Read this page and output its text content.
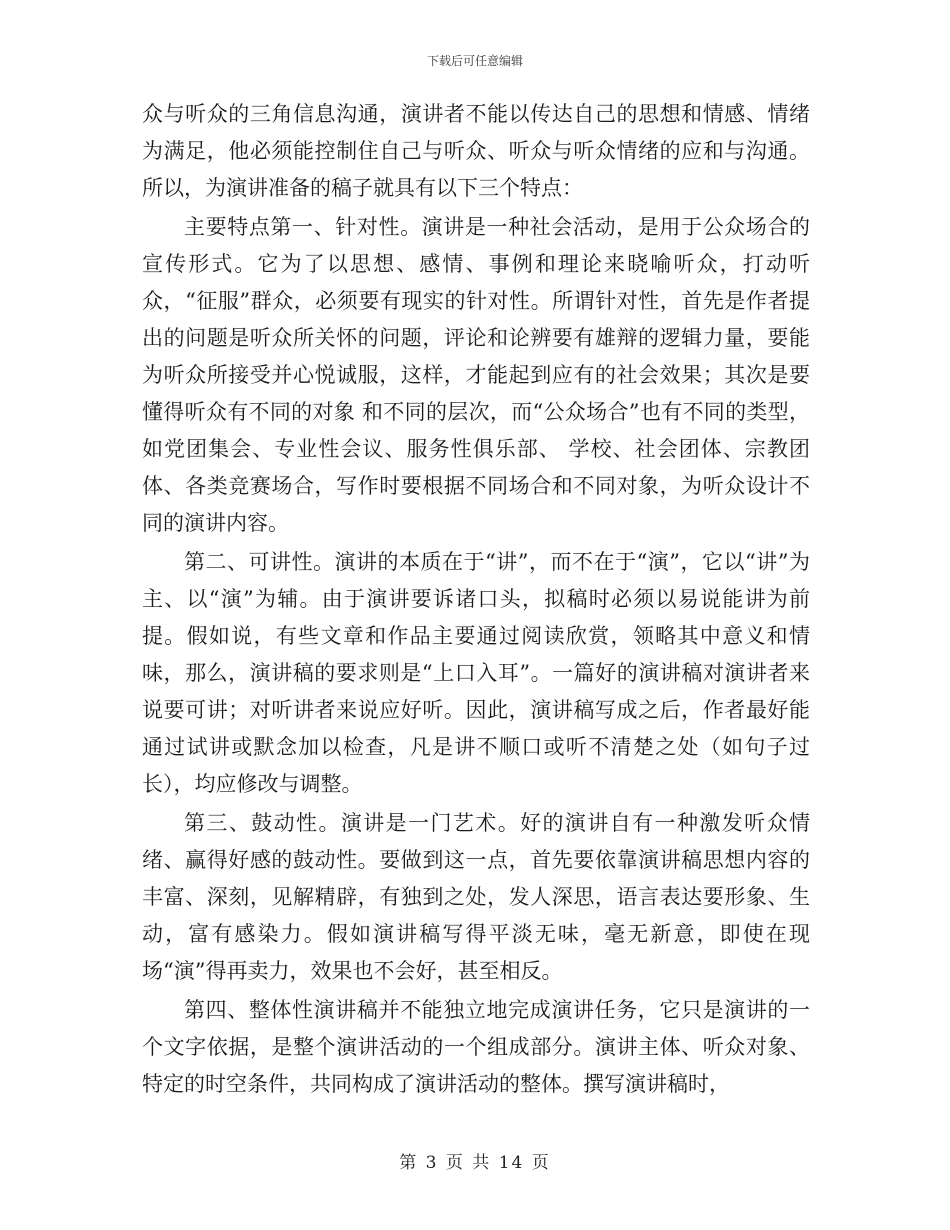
下载后可任意编辑

众与听众的三角信息沟通，演讲者不能以传达自己的思想和情感、情绪为满足，他必须能控制住自己与听众、听众与听众情绪的应和与沟通。所以，为演讲准备的稿子就具有以下三个特点：

主要特点第一、针对性。演讲是一种社会活动，是用于公众场合的宣传形式。它为了以思想、感情、事例和理论来晓喻听众，打动听众，“征服”群众，必须要有现实的针对性。所谓针对性，首先是作者提出的问题是听众所关怀的问题，评论和论辨要有雄辩的逻辑力量，要能为听众所接受并心悦诚服，这样，才能起到应有的社会效果；其次是要懂得听众有不同的对象 和不同的层次，而“公众场合”也有不同的类型，如党团集会、专业性会议、服务性俱乐部、 学校、社会团体、宗教团体、各类竞赛场合，写作时要根据不同场合和不同对象，为听众设计不同的演讲内容。

第二、可讲性。演讲的本质在于“讲”，而不在于“演”，它以“讲”为主、以“演”为辅。由于演讲要诉诸口头，拟稿时必须以易说能讲为前提。假如说，有些文章和作品主要通过阅读欣赏，领略其中意义和情味，那么，演讲稿的要求则是“上口入耳”。一篇好的演讲稿对演讲者来说要可讲；对听讲者来说应好听。因此，演讲稿写成之后，作者最好能通过试讲或默念加以检查，凡是讲不顺口或听不清楚之处（如句子过长），均应修改与调整。

第三、鼓动性。演讲是一门艺术。好的演讲自有一种激发听众情绪、赢得好感的鼓动性。要做到这一点，首先要依靠演讲稿思想内容的丰富、深刻，见解精辟，有独到之处，发人深思，语言表达要形象、生动，富有感染力。假如演讲稿写得平淡无味，毫无新意，即使在现场“演”得再卖力，效果也不会好，甚至相反。

第四、整体性演讲稿并不能独立地完成演讲任务，它只是演讲的一个文字依据，是整个演讲活动的一个组成部分。演讲主体、听众对象、特定的时空条件，共同构成了演讲活动的整体。撰写演讲稿时，

第 3 页 共 14 页
